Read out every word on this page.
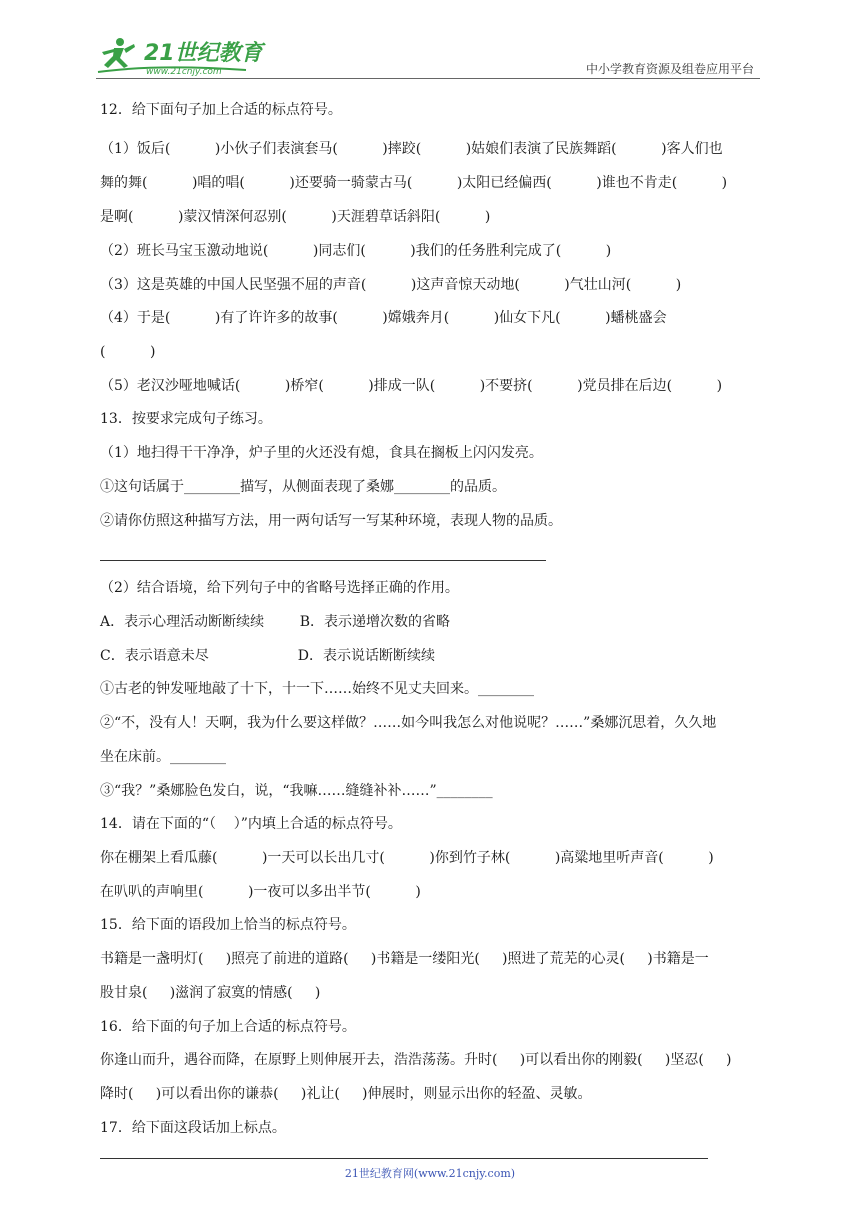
21世纪教育
www.21cnjy.com	中小学教育资源及组卷应用平台
12．给下面句子加上合适的标点符号。
（1）饭后(          )小伙子们表演套马(          )摔跤(          )姑娘们表演了民族舞蹈(          )客人们也
舞的舞(          )唱的唱(          )还要骑一骑蒙古马(          )太阳已经偏西(          )谁也不肯走(          )
是啊(          )蒙汉情深何忍别(          )天涯碧草话斜阳(          )
（2）班长马宝玉激动地说(          )同志们(          )我们的任务胜利完成了(          )
（3）这是英雄的中国人民坚强不屈的声音(          )这声音惊天动地(          )气壮山河(          )
（4）于是(          )有了许许多的故事(          )嫦娥奔月(          )仙女下凡(          )蟠桃盛会
(          )
（5）老汉沙哑地喊话(          )桥窄(          )排成一队(          )不要挤(          )党员排在后边(          )
13．按要求完成句子练习。
（1）地扫得干干净净，炉子里的火还没有熄，食具在搁板上闪闪发亮。
①这句话属于________描写，从侧面表现了桑娜________的品质。
②请你仿照这种描写方法，用一两句话写一写某种环境，表现人物的品质。
（2）结合语境，给下列句子中的省略号选择正确的作用。
A．表示心理活动断断续续        B．表示递增次数的省略
C．表示语意未尽                    D．表示说话断断续续
①古老的钟发哑地敲了十下，十一下……始终不见丈夫回来。________
②“不，没有人！天啊，我为什么要这样做？……如今叫我怎么对他说呢？……”桑娜沉思着，久久地
坐在床前。________
③“我？”桑娜脸色发白，说，“我嘛……缝缝补补……”________
14．请在下面的“（    ）”内填上合适的标点符号。
你在棚架上看瓜藤(          )一天可以长出几寸(          )你到竹子林(          )高粱地里听声音(          )
在叭叭的声响里(          )一夜可以多出半节(          )
15．给下面的语段加上恰当的标点符号。
书籍是一盏明灯(     )照亮了前进的道路(     )书籍是一缕阳光(     )照进了荒芜的心灵(     )书籍是一
股甘泉(     )滋润了寂寞的情感(     )
16．给下面的句子加上合适的标点符号。
你逢山而升，遇谷而降，在原野上则伸展开去，浩浩荡荡。升时(     )可以看出你的刚毅(     )坚忍(     )
降时(     )可以看出你的谦恭(     )礼让(     )伸展时，则显示出你的轻盈、灵敏。
17．给下面这段话加上标点。
21世纪教育网(www.21cnjy.com)
